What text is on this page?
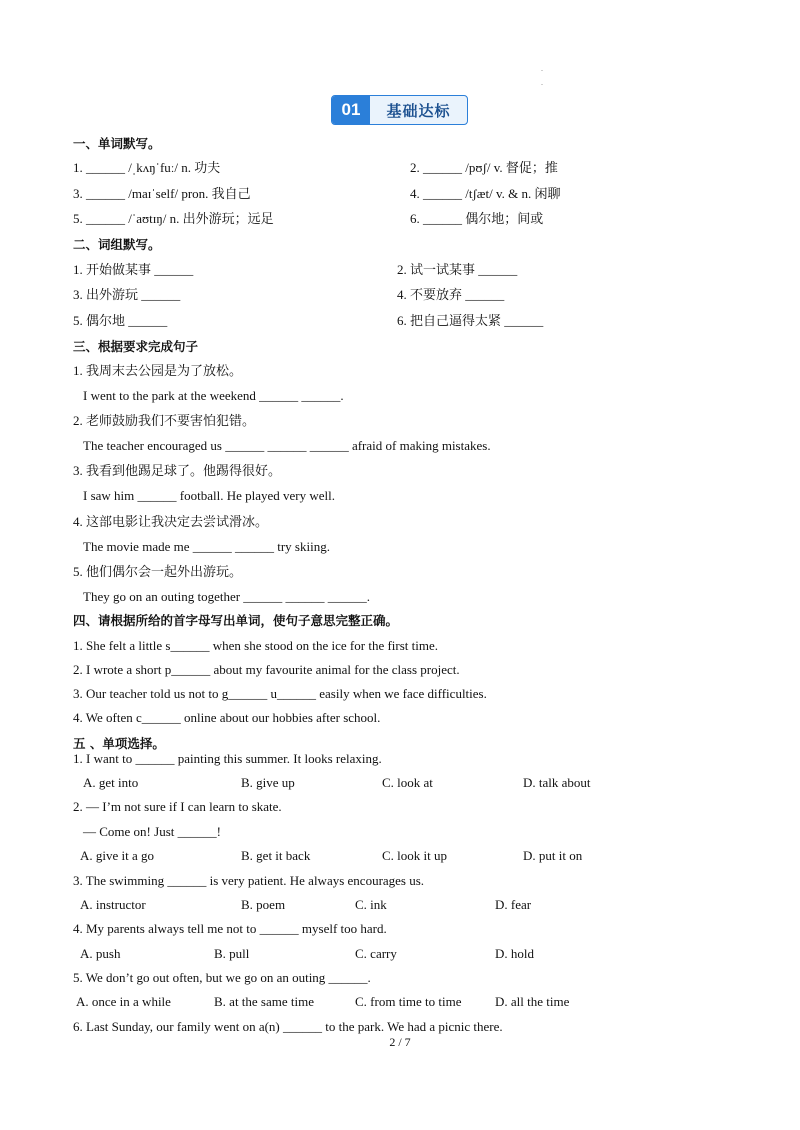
.
.
01	基础达标
一、单词默写。
1. ______ /ˌkʌŋˈfuː/ n. 功夫	2. ______ /pʊʃ/ v. 督促；推
3. ______ /maɪˈself/ pron. 我自己	4. ______ /tʃæt/ v. & n. 闲聊
5. ______ /ˈaʊtɪŋ/ n. 出外游玩；远足	6. ______ 偶尔地；间或
二、词组默写。
1. 开始做某事 ______	2. 试一试某事 ______
3. 出外游玩 ______	4. 不要放弃 ______
5. 偶尔地 ______	6. 把自己逼得太紧 ______
三、根据要求完成句子
1. 我周末去公园是为了放松。
I went to the park at the weekend ______ ______.
2. 老师鼓励我们不要害怕犯错。
The teacher encouraged us ______ ______ ______ afraid of making mistakes.
3. 我看到他踢足球了。他踢得很好。
I saw him ______ football. He played very well.
4. 这部电影让我决定去尝试滑冰。
The movie made me ______ ______ try skiing.
5. 他们偶尔会一起外出游玩。
They go on an outing together ______ ______ ______.
四、请根据所给的首字母写出单词，使句子意思完整正确。
1. She felt a little s______ when she stood on the ice for the first time.
2. I wrote a short p______ about my favourite animal for the class project.
3. Our teacher told us not to g______ u______ easily when we face difficulties.
4. We often c______ online about our hobbies after school.
五 、单项选择。
1. I want to ______ painting this summer. It looks relaxing.
A. get into	B. give up	C. look at	D. talk about
2. — I’m not sure if I can learn to skate.
— Come on! Just ______!
A. give it a go	B. get it back	C. look it up	D. put it on
3. The swimming ______ is very patient. He always encourages us.
A. instructor	B. poem	C. ink	D. fear
4. My parents always tell me not to ______ myself too hard.
A. push	B. pull	C. carry	D. hold
5. We don’t go out often, but we go on an outing ______.
A. once in a while	B. at the same time	C. from time to time	D. all the time
6. Last Sunday, our family went on a(n) ______ to the park. We had a picnic there.
2 / 7
